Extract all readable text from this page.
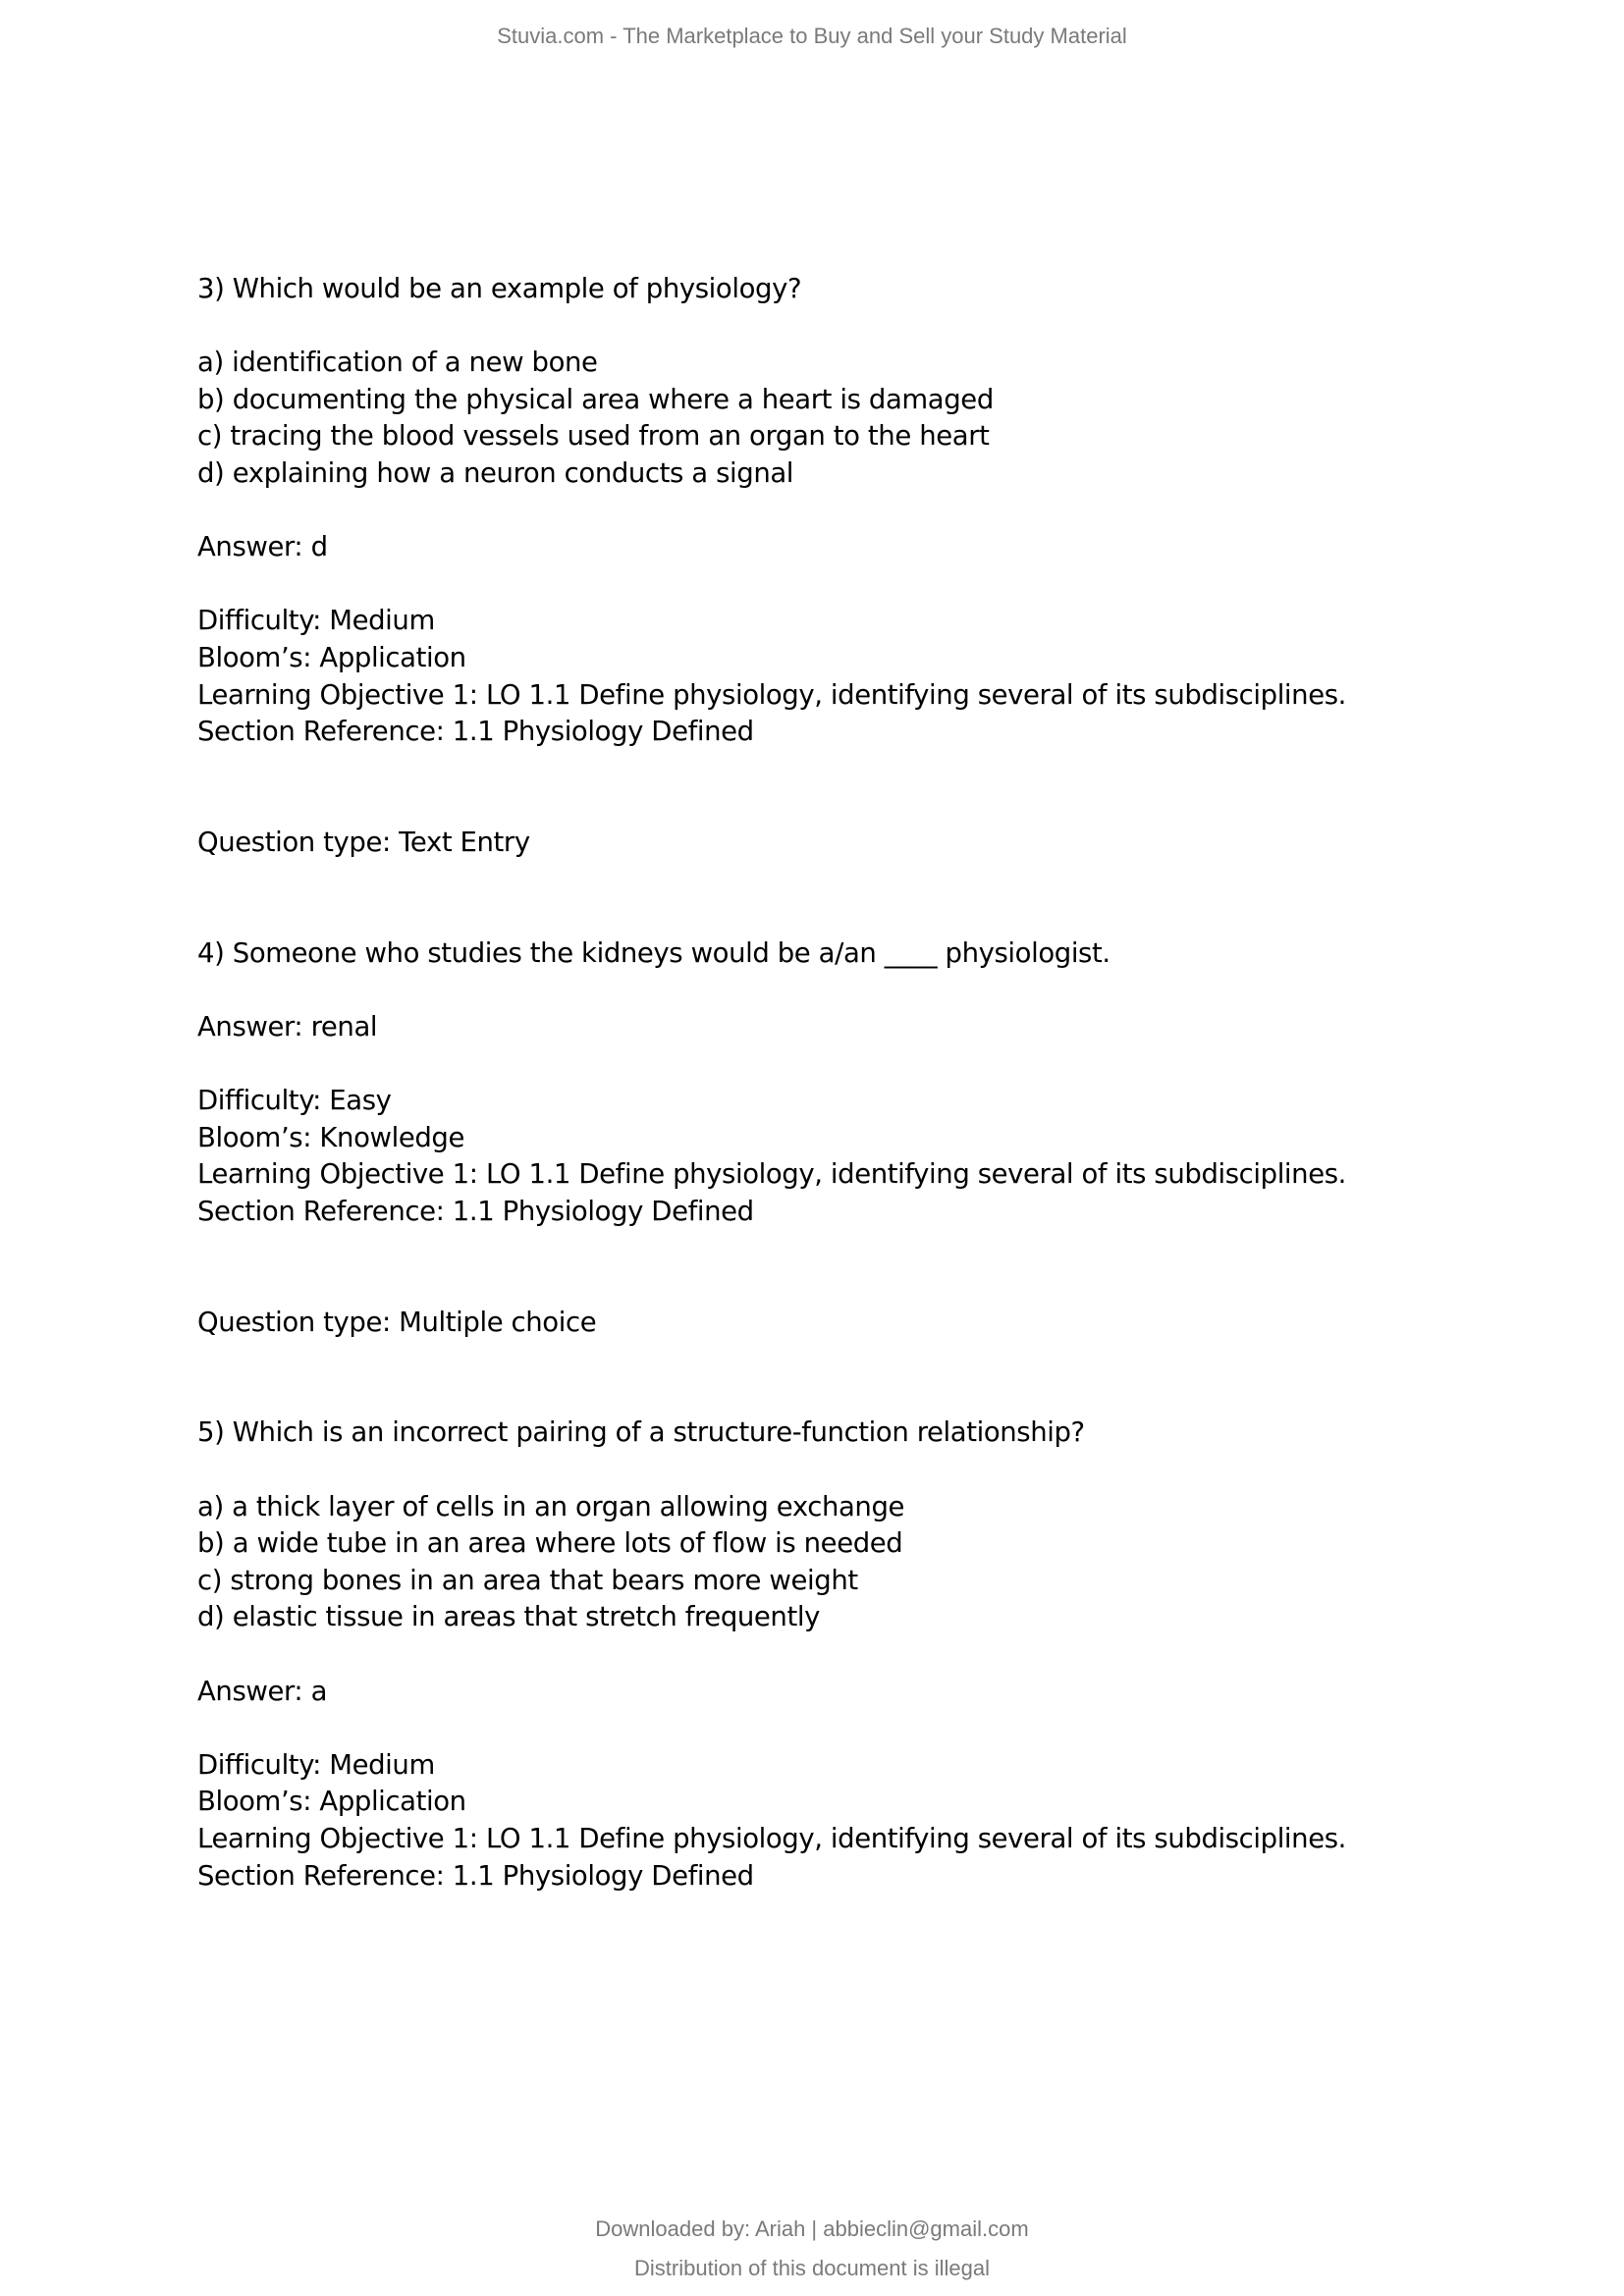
Stuvia.com - The Marketplace to Buy and Sell your Study Material
3) Which would be an example of physiology?
a) identification of a new bone
b) documenting the physical area where a heart is damaged
c) tracing the blood vessels used from an organ to the heart
d) explaining how a neuron conducts a signal
Answer: d
Difficulty: Medium
Bloom’s: Application
Learning Objective 1: LO 1.1 Define physiology, identifying several of its subdisciplines.
Section Reference: 1.1 Physiology Defined
Question type: Text Entry
4) Someone who studies the kidneys would be a/an ____ physiologist.
Answer: renal
Difficulty: Easy
Bloom’s: Knowledge
Learning Objective 1: LO 1.1 Define physiology, identifying several of its subdisciplines.
Section Reference: 1.1 Physiology Defined
Question type: Multiple choice
5) Which is an incorrect pairing of a structure-function relationship?
a) a thick layer of cells in an organ allowing exchange
b) a wide tube in an area where lots of flow is needed
c) strong bones in an area that bears more weight
d) elastic tissue in areas that stretch frequently
Answer: a
Difficulty: Medium
Bloom’s: Application
Learning Objective 1: LO 1.1 Define physiology, identifying several of its subdisciplines.
Section Reference: 1.1 Physiology Defined
Downloaded by: Ariah | abbieclin@gmail.com
Distribution of this document is illegal
